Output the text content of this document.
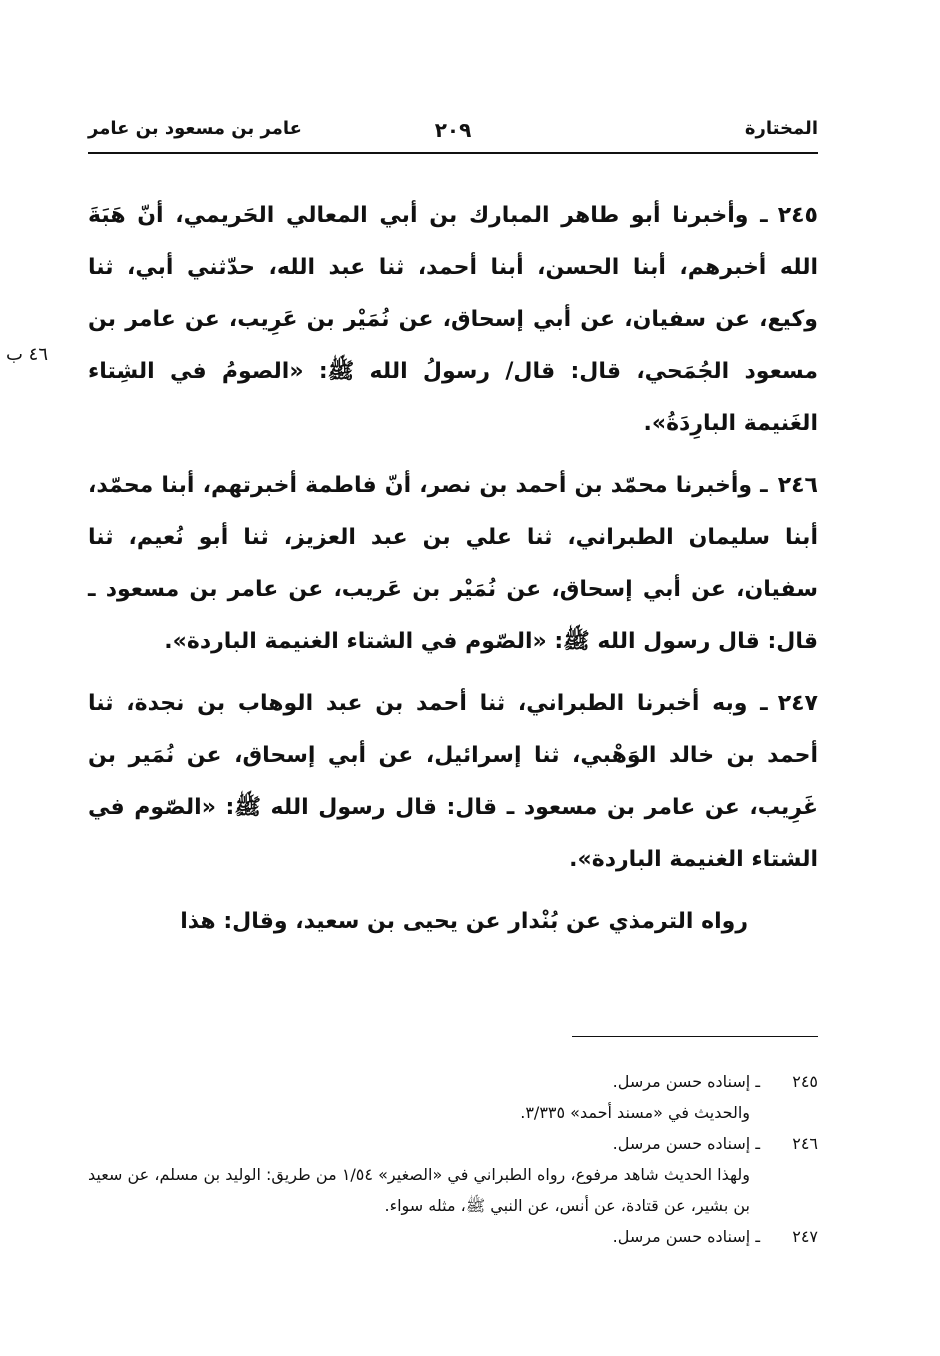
المختارة
٢٠٩
عامر بن مسعود بن عامر
٤٦ ب

٢٤٥ـ وأخبرنا أبو طاهر المبارك بن أبي المعالي الحَريمي، أنّ هَبَةَ الله أخبرهم، أبنا الحسن، أبنا أحمد، ثنا عبد الله، حدّثني أبي، ثنا وكيع، عن سفيان، عن أبي إسحاق، عن نُمَيْر بن عَرِيب، عن عامر بن مسعود الجُمَحي، قال: قال/ رسولُ الله ﷺ: «الصومُ في الشِتاء الغَنيمة البارِدَةُ».

٢٤٦ـ وأخبرنا محمّد بن أحمد بن نصر، أنّ فاطمة أخبرتهم، أبنا محمّد، أبنا سليمان الطبراني، ثنا علي بن عبد العزيز، ثنا أبو نُعيم، ثنا سفيان، عن أبي إسحاق، عن نُمَيْر بن عَريب، عن عامر بن مسعود ـ قال: قال رسول الله ﷺ: «الصّوم في الشتاء الغنيمة الباردة».

٢٤٧ـ وبه أخبرنا الطبراني، ثنا أحمد بن عبد الوهاب بن نجدة، ثنا أحمد بن خالد الوَهْبي، ثنا إسرائيل، عن أبي إسحاق، عن نُمَير بن غَرِيب، عن عامر بن مسعود ـ قال: قال رسول الله ﷺ: «الصّوم في الشتاء الغنيمة الباردة».

رواه الترمذي عن بُنْدار عن يحيى بن سعيد، وقال: هذا

٢٤٥ـ إسناده حسن مرسل.
والحديث في «مسند أحمد» ٣/٣٣٥.
٢٤٦ـ إسناده حسن مرسل.
ولهذا الحديث شاهد مرفوع، رواه الطبراني في «الصغير» ١/٥٤ من طريق: الوليد بن مسلم، عن سعيد بن بشير، عن قتادة، عن أنس، عن النبي ﷺ، مثله سواء.
٢٤٧ـ إسناده حسن مرسل.
